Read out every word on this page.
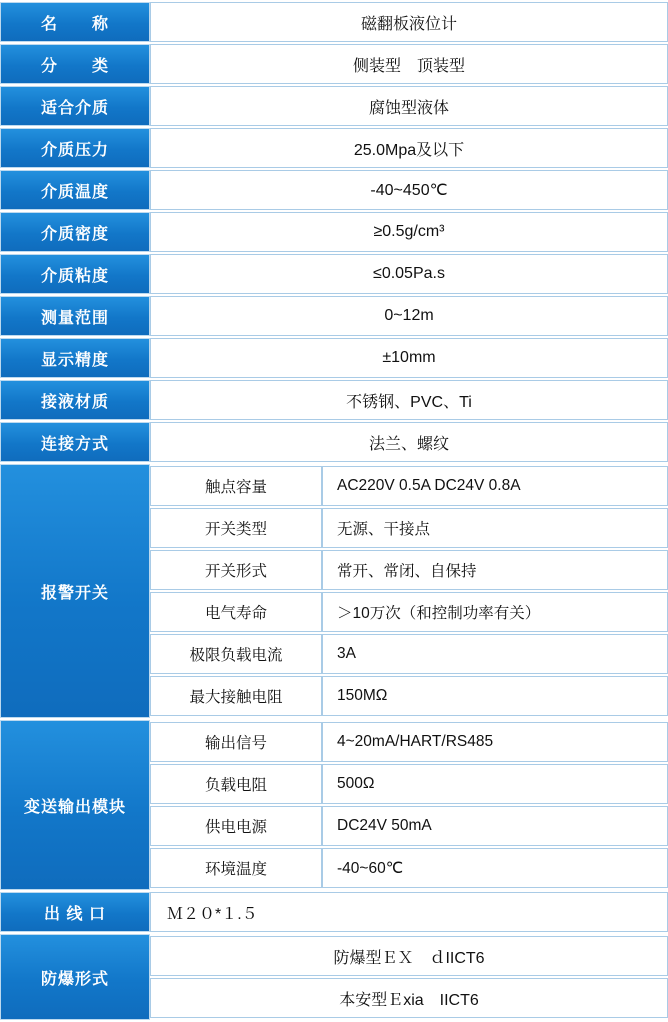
名　　称	磁翻板液位计
分　　类	侧装型　顶装型
适合介质	腐蚀型液体
介质压力	25.0Mpa及以下
介质温度	-40~450℃
介质密度	≥0.5g/cm³
介质粘度	≤0.05Pa.s
测量范围	0~12m
显示精度	±10mm
接液材质	不锈钢、PVC、Ti
连接方式	法兰、螺纹
报警开关	
触点容量	AC220V 0.5A DC24V 0.8A
开关类型	无源、干接点
开关形式	常开、常闭、自保持
电气寿命	＞10万次（和控制功率有关）
极限负载电流	3A
最大接触电阻	150MΩ

变送输出模块	
输出信号	4~20mA/HART/RS485
负载电阻	500Ω
供电电源	DC24V 50mA
环境温度	-40~60℃

出 线 口	Ｍ２０*１.５
防爆形式	
防爆型ＥＸ　ｄIICT6
本安型Ｅxia　IICT6
